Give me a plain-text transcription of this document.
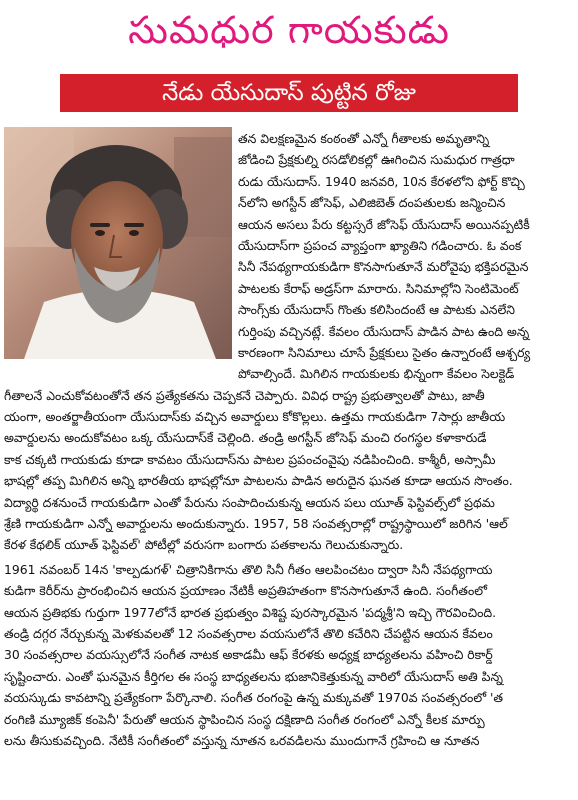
సుమధుర గాయకుడు
నేడు యేసుదాస్ పుట్టిన రోజు
తన విలక్షణమైన కంఠంతో ఎన్నో గీతాలకు అమృతాన్ని
జోడించి ప్రేక్షకుల్ని రసడోలికల్లో ఊగించిన సుమధుర గాత్రధా
రుడు యేసుదాస్. 1940 జనవరి, 10న కేరళలోని ఫోర్ట్ కొచ్చి
న్‌లోని అగస్టీన్ జోసెఫ్, ఎలిజిబెత్ దంపతులకు జన్మించిన
ఆయన అసలు పేరు కట్టస్సరే జోసెఫ్ యేసుదాస్ అయినప్పటికీ
యేసుదాస్‌గా ప్రపంచ వ్యాప్తంగా ఖ్యాతిని గడించారు. ఓ వంక
సినీ నేపథ్యగాయకుడిగా కొనసాగుతూనే మరోవైపు భక్తిపరమైన
పాటలకు కేరాఫ్ అడ్రస్‌గా మారారు. సినిమాల్లోని సెంటిమెంట్
సాంగ్స్‌కు యేసుదాస్ గొంతు కలిసిందంటే ఆ పాటకు ఎనలేని
గుర్తింపు వచ్చినట్లే. కేవలం యేసుదాస్ పాడిన పాట ఉంది అన్న
కారణంగా సినిమాలు చూసే ప్రేక్షకులు సైతం ఉన్నారంటే ఆశ్చర్య
పోవాల్సిందే. మిగిలిన గాయకులకు భిన్నంగా కేవలం సెలక్టెడ్
గీతాలనే ఎంచుకోవటంతోనే తన ప్రత్యేకతను చెప్పకనే చెప్పారు. వివిధ రాష్ట్ర ప్రభుత్వాలతో పాటు, జాతీ
యంగా, అంతర్జాతీయంగా యేసుదాస్‌కు వచ్చిన అవార్డులు కోకొల్లలు. ఉత్తమ గాయకుడిగా 7సార్లు జాతీయ
అవార్డులను అందుకోవటం ఒక్క యేసుదాస్‌కే చెల్లింది. తండ్రి అగస్టీన్ జోసెఫ్ మంచి రంగస్థల కళాకారుడే
కాక చక్కటి గాయకుడు కూడా కావటం యేసుదాస్‌ను పాటల ప్రపంచంవైపు నడిపించింది. కాశ్మీరీ, అస్సామీ
భాషల్లో తప్ప మిగిలిన అన్ని భారతీయ భాషల్లోనూ పాటలను పాడిన అరుదైన ఘనత కూడా ఆయన సొంతం.
విద్యార్థి దశనుంచే గాయకుడిగా ఎంతో పేరును సంపాదించుకున్న ఆయన పలు యూత్ ఫెస్టివల్స్‌లో ప్రథమ
శ్రేణి గాయకుడిగా ఎన్నో అవార్డులను అందుకున్నారు. 1957, 58 సంవత్సరాల్లో రాష్ట్రస్థాయిలో జరిగిన 'ఆల్
కేరళ కేథలిక్ యూత్ ఫెస్టివల్' పోటీల్లో వరుసగా బంగారు పతకాలను గెలుచుకున్నారు.
1961 నవంబర్ 14న 'కాల్పడుగళ్' చిత్రానికిగాను తొలి సినీ గీతం ఆలపించటం ద్వారా సినీ నేపథ్యగాయ
కుడిగా కెరీర్‌ను ప్రారంభించిన ఆయన ప్రయాణం నేటికీ అప్రతిహతంగా కొనసాగుతూనే ఉంది. సంగీతంలో
ఆయన ప్రతిభకు గుర్తుగా 1977లోనే భారత ప్రభుత్వం విశిష్ట పురస్కారమైన 'పద్మశ్రీ'ని ఇచ్చి గౌరవించింది.
తండ్రి దగ్గర నేర్చుకున్న మెళకువలతో 12 సంవత్సరాల వయసులోనే తొలి కచేరిని చేపట్టిన ఆయన కేవలం
30 సంవత్సరాల వయస్సులోనే సంగీత నాటక అకాడమీ ఆఫ్ కేరళకు అధ్యక్ష బాధ్యతలను వహించి రికార్డ్
సృష్టించారు. ఎంతో ఘనమైన కీర్తిగల ఈ సంస్థ బాధ్యతలను భుజానికెత్తుకున్న వారిలో యేసుదాస్ అతి పిన్న
వయస్కుడు కావటాన్ని ప్రత్యేకంగా పేర్కొనాలి. సంగీత రంగంపై ఉన్న మక్కువతో 1970వ సంవత్సరంలో 'త
రంగిణి మ్యూజిక్ కంపెనీ' పేరుతో ఆయన స్థాపించిన సంస్థ దక్షిణాది సంగీత రంగంలో ఎన్నో కీలక మార్పు
లను తీసుకువచ్చింది. నేటికీ సంగీతంలో వస్తున్న నూతన ఒరవడిలను ముందుగానే గ్రహించి ఆ నూతన
